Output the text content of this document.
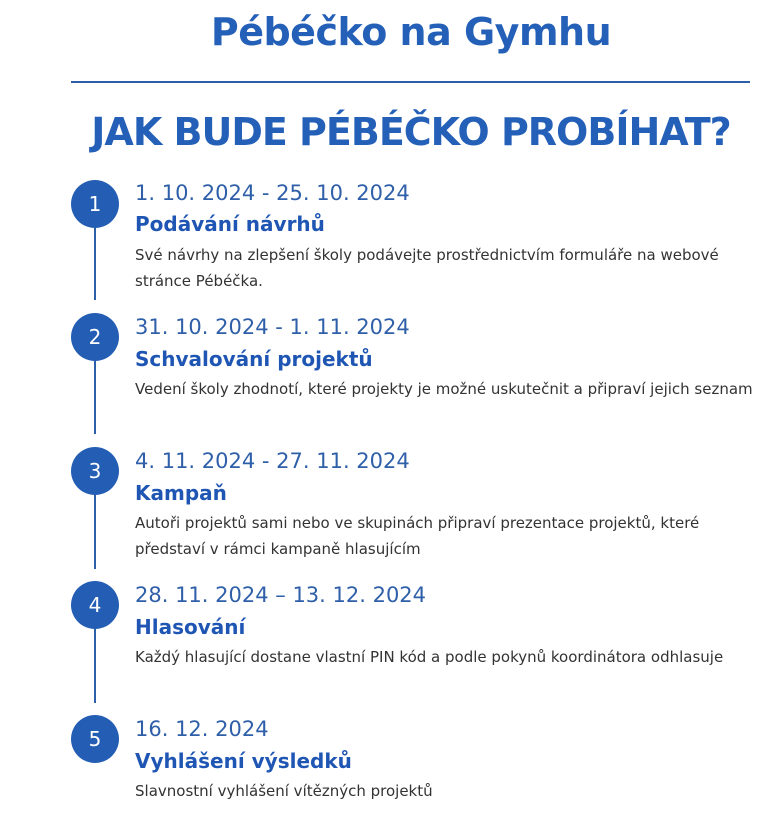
Pébéčko na Gymhu
JAK BUDE PÉBÉČKO PROBÍHAT?
1	1. 10. 2024 - 25. 10. 2024
Podávání návrhů
Své návrhy na zlepšení školy podávejte prostřednictvím formuláře na webové stránce Pébéčka.
2	31. 10. 2024 - 1. 11. 2024
Schvalování projektů
Vedení školy zhodnotí, které projekty je možné uskutečnit a připraví jejich seznam
3	4. 11. 2024 - 27. 11. 2024
Kampaň
Autoři projektů sami nebo ve skupinách připraví prezentace projektů, které představí v rámci kampaně hlasujícím
4	28. 11. 2024 – 13. 12. 2024
Hlasování
Každý hlasující dostane vlastní PIN kód a podle pokynů koordinátora odhlasuje
5	16. 12. 2024
Vyhlášení výsledků
Slavnostní vyhlášení vítězných projektů
